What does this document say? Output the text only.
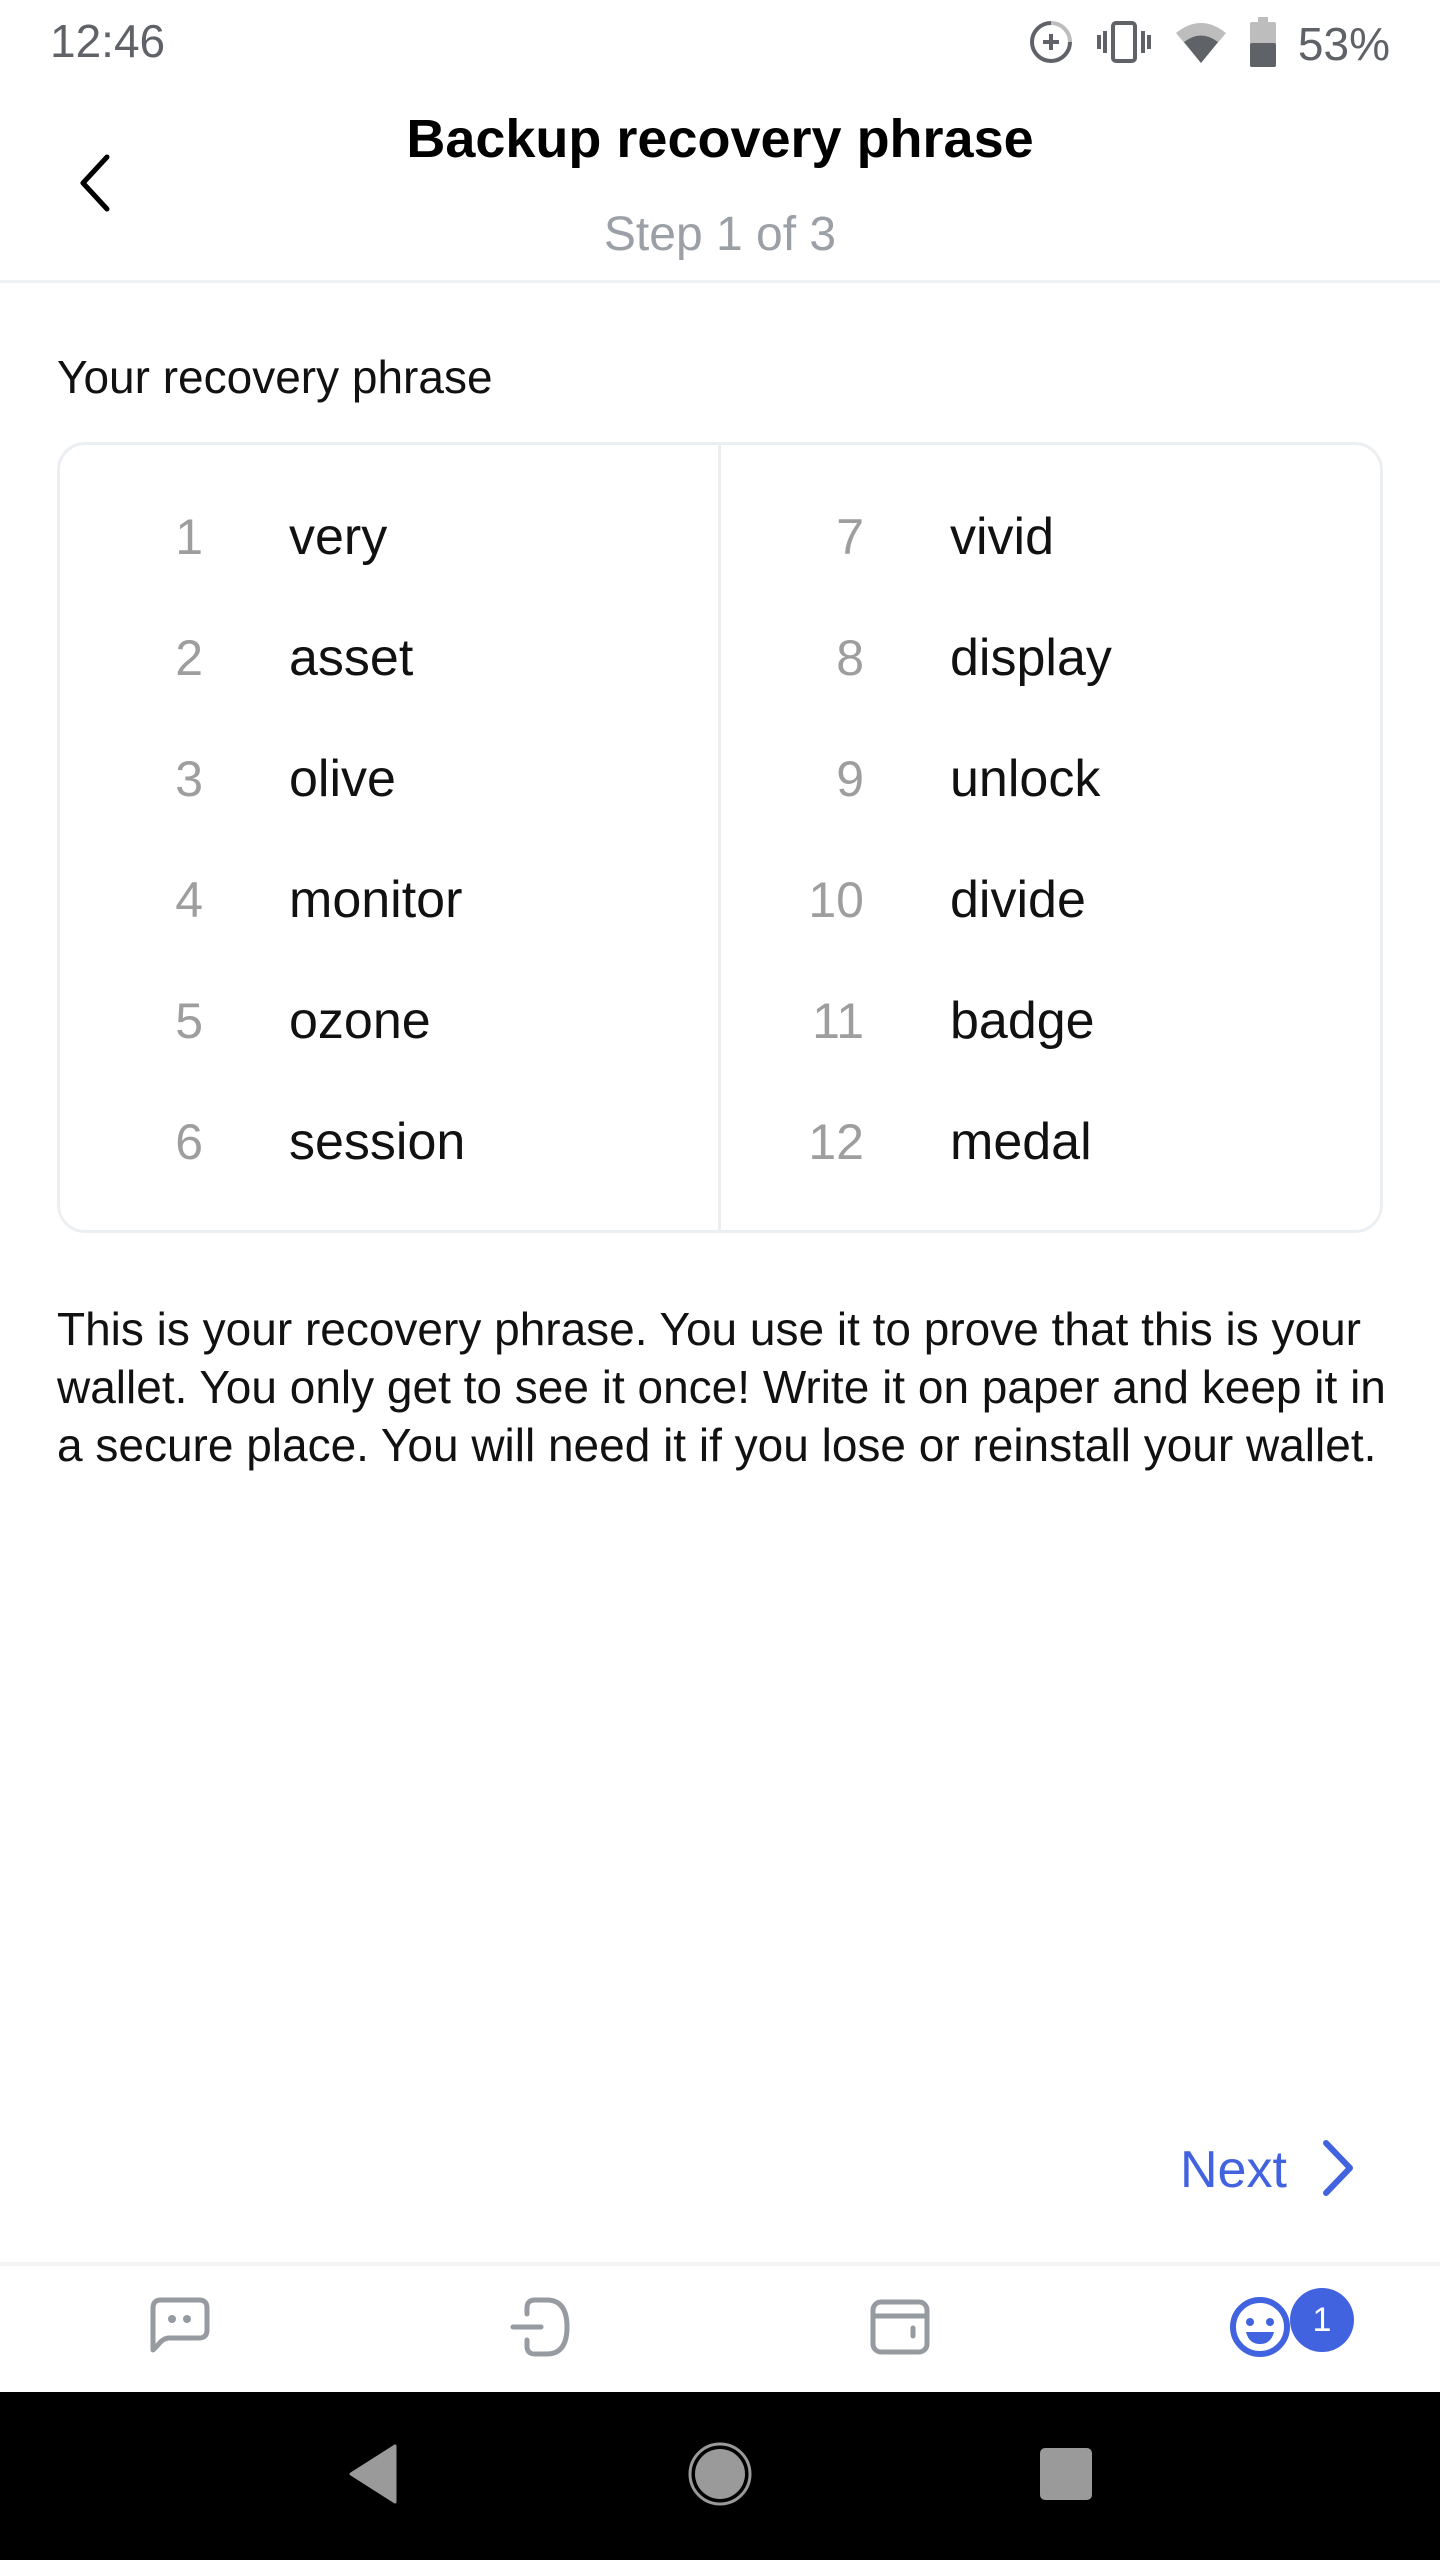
12:46	53%
Backup recovery phrase
Step 1 of 3
Your recovery phrase
1 very
2 asset
3 olive
4 monitor
5 ozone
6 session
7 vivid
8 display
9 unlock
10 divide
11 badge
12 medal
This is your recovery phrase. You use it to prove that this is your wallet. You only get to see it once! Write it on paper and keep it in a secure place. You will need it if you lose or reinstall your wallet.
Next
1
